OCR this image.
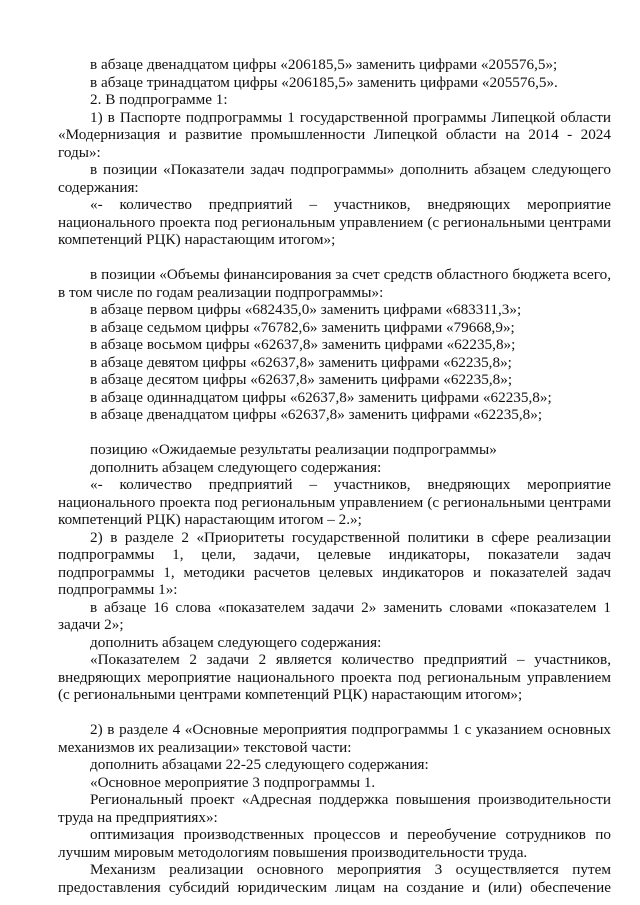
в абзаце двенадцатом цифры «206185,5» заменить цифрами «205576,5»;

в абзаце тринадцатом цифры «206185,5» заменить цифрами «205576,5».

2. В подпрограмме 1:

1) в Паспорте подпрограммы 1 государственной программы Липецкой области «Модернизация и развитие промышленности Липецкой области на 2014 - 2024 годы»:

в позиции «Показатели задач подпрограммы» дополнить абзацем следующего содержания:

«- количество предприятий – участников, внедряющих мероприятие национального проекта под региональным управлением (с региональными центрами компетенций РЦК) нарастающим итогом»;

в позиции «Объемы финансирования за счет средств областного бюджета всего, в том числе по годам реализации подпрограммы»:

в абзаце первом цифры «682435,0» заменить цифрами «683311,3»;

в абзаце седьмом цифры «76782,6» заменить цифрами «79668,9»;

в абзаце восьмом цифры «62637,8» заменить цифрами «62235,8»;

в абзаце девятом цифры «62637,8» заменить цифрами «62235,8»;

в абзаце десятом цифры «62637,8» заменить цифрами «62235,8»;

в абзаце одиннадцатом цифры «62637,8» заменить цифрами «62235,8»;

в абзаце двенадцатом цифры «62637,8» заменить цифрами «62235,8»;

позицию «Ожидаемые результаты реализации подпрограммы»

дополнить абзацем следующего содержания:

«- количество предприятий – участников, внедряющих мероприятие национального проекта под региональным управлением (с региональными центрами компетенций РЦК) нарастающим итогом – 2.»;

2) в разделе 2 «Приоритеты государственной политики в сфере реализации подпрограммы 1, цели, задачи, целевые индикаторы, показатели задач подпрограммы 1, методики расчетов целевых индикаторов и показателей задач подпрограммы 1»:

в абзаце 16 слова «показателем задачи 2» заменить словами «показателем 1 задачи 2»;

дополнить абзацем следующего содержания:

«Показателем 2 задачи 2 является количество предприятий – участников, внедряющих мероприятие национального проекта под региональным управлением (с региональными центрами компетенций РЦК) нарастающим итогом»;

2) в разделе 4 «Основные мероприятия подпрограммы 1 с указанием основных механизмов их реализации» текстовой части:

дополнить абзацами 22-25 следующего содержания:

«Основное мероприятие 3 подпрограммы 1.

Региональный проект «Адресная поддержка повышения производительности труда на предприятиях»:

оптимизация производственных процессов и переобучение сотрудников по лучшим мировым методологиям повышения производительности труда.

Механизм реализации основного мероприятия 3 осуществляется путем предоставления субсидий юридическим лицам на создание и (или) обеспечение
